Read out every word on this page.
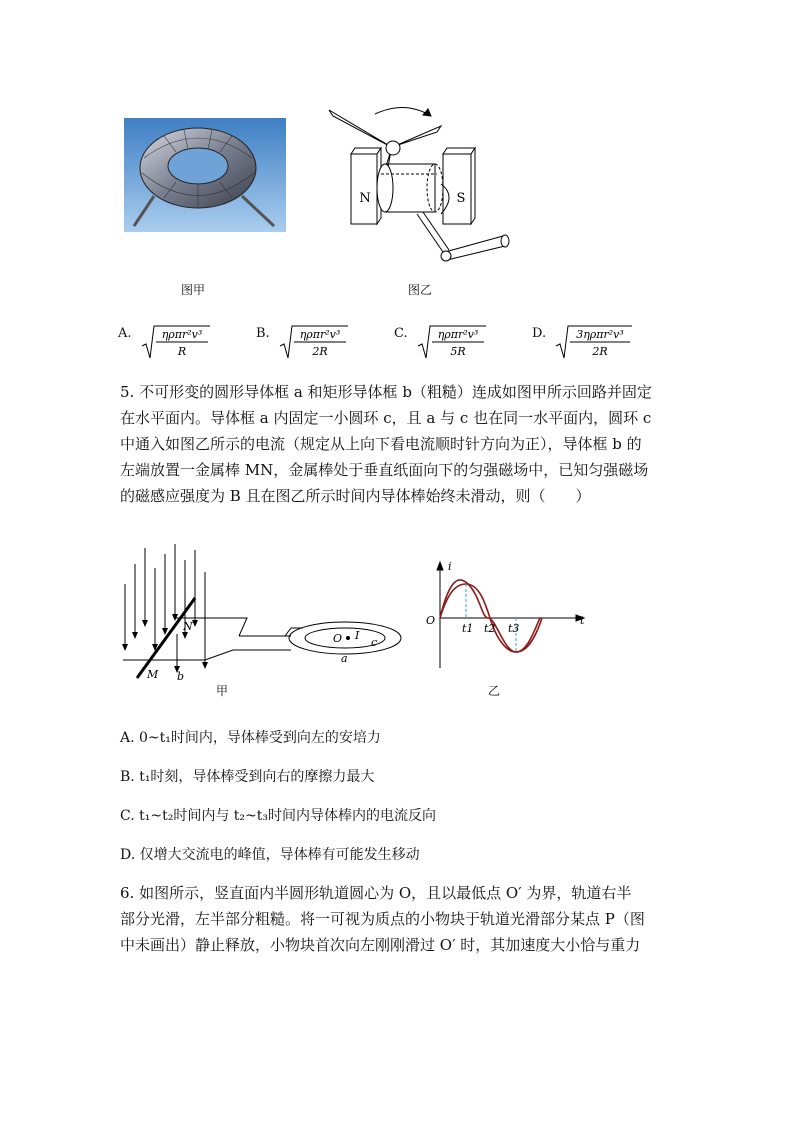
N	S
图甲	图乙
A.	B.	C.	D.
ηρπr²v³
R
ηρπr²v³
2R
ηρπr²v³
5R
3ηρπr²v³
2R
5. 不可形变的圆形导体框 a 和矩形导体框 b（粗糙）连成如图甲所示回路并固定
在水平面内。导体框 a 内固定一小圆环 c，且 a 与 c 也在同一水平面内，圆环 c
中通入如图乙所示的电流（规定从上向下看电流顺时针方向为正），导体框 b 的
左端放置一金属棒 MN，金属棒处于垂直纸面向下的匀强磁场中，已知匀强磁场
的磁感应强度为 B 且在图乙所示时间内导体棒始终未滑动，则（　　）
N
M b
O I
c
a
甲
i
t
O
t1 t2 t3
乙
A. 0~t₁时间内，导体棒受到向左的安培力
B. t₁时刻，导体棒受到向右的摩擦力最大
C. t₁~t₂时间内与 t₂~t₃时间内导体棒内的电流反向
D. 仅增大交流电的峰值，导体棒有可能发生移动
6. 如图所示，竖直面内半圆形轨道圆心为 O，且以最低点 O′ 为界，轨道右半
部分光滑，左半部分粗糙。将一可视为质点的小物块于轨道光滑部分某点 P（图
中未画出）静止释放，小物块首次向左刚刚滑过 O′ 时，其加速度大小恰与重力
